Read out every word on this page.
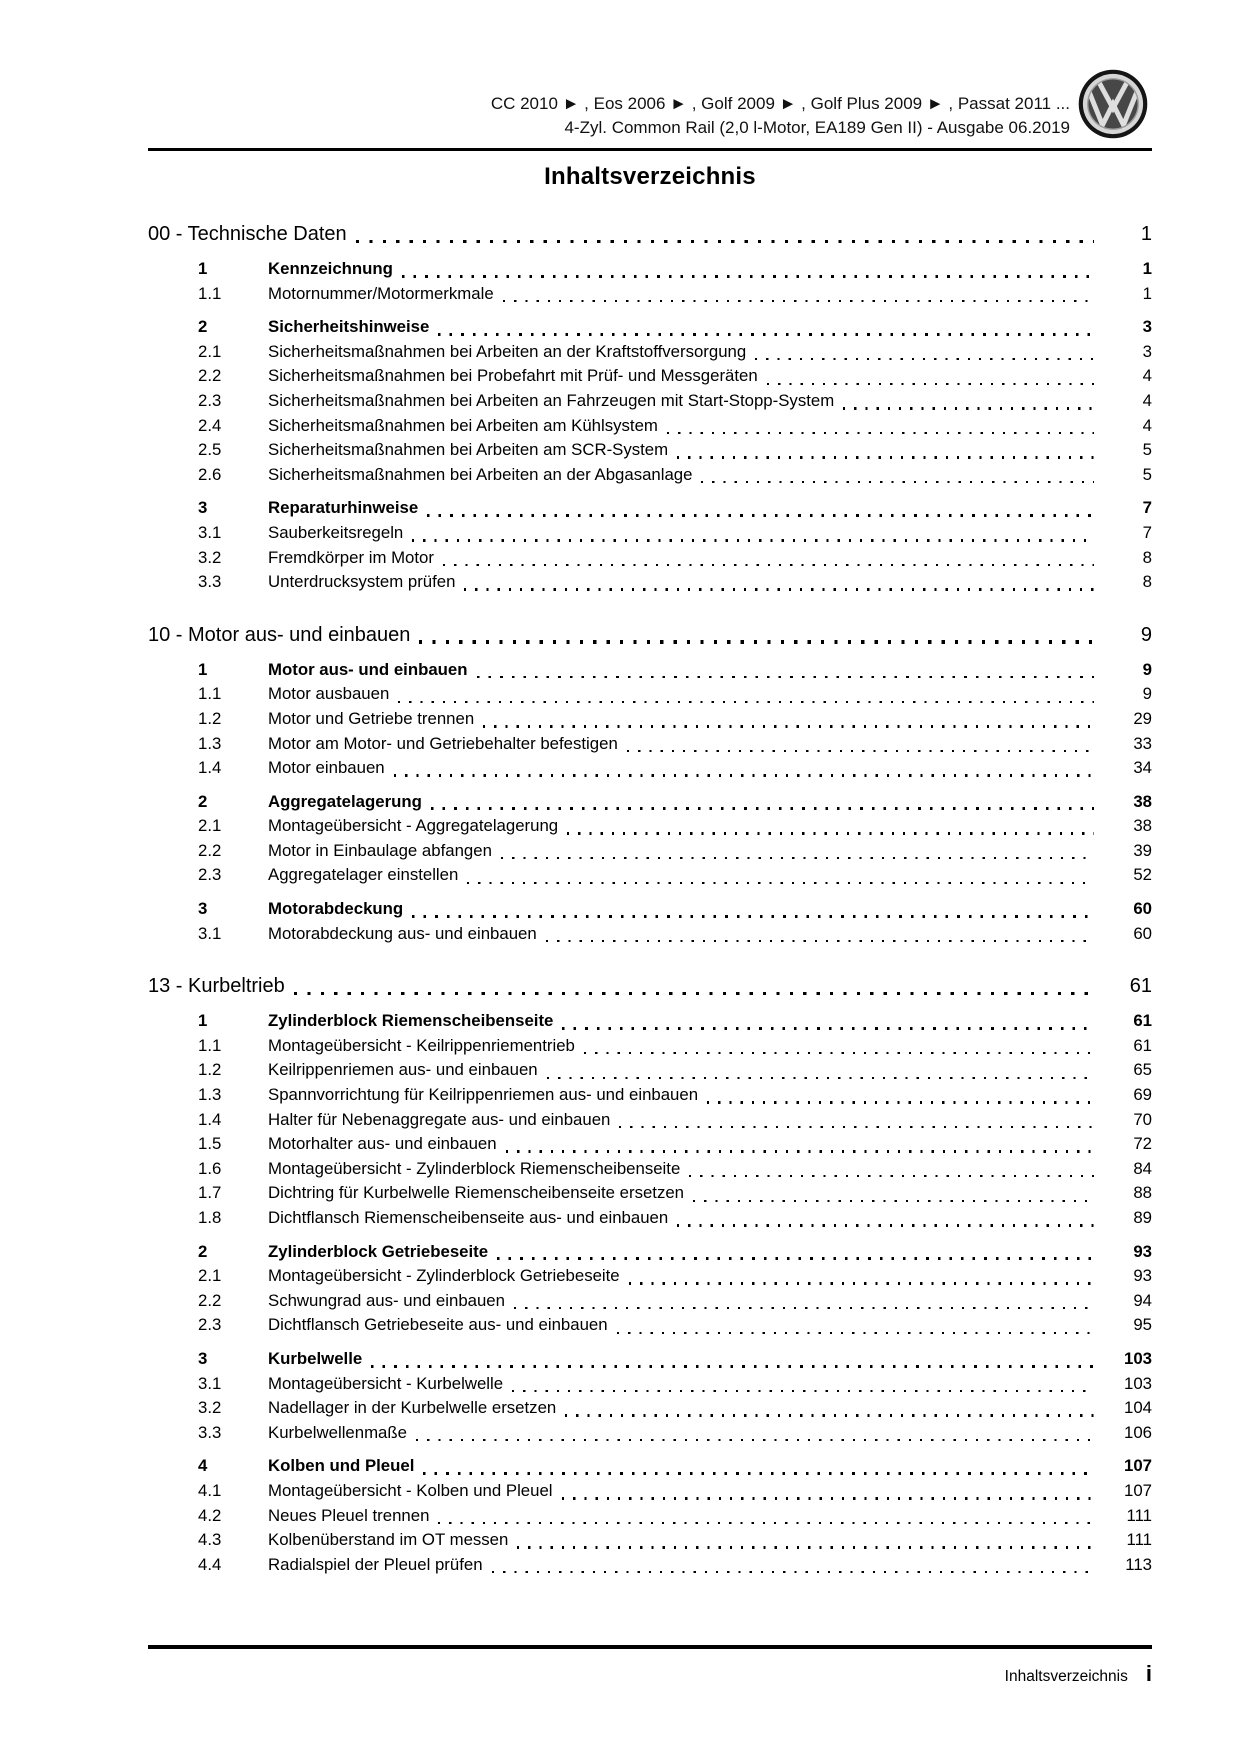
CC 2010 ► , Eos 2006 ► , Golf 2009 ► , Golf Plus 2009 ► , Passat 2011 ...
4-Zyl. Common Rail (2,0 l-Motor, EA189 Gen II) - Ausgabe 06.2019
Inhaltsverzeichnis
00 - Technische Daten	1
1	Kennzeichnung	1
1.1	Motornummer/Motormerkmale	1
2	Sicherheitshinweise	3
2.1	Sicherheitsmaßnahmen bei Arbeiten an der Kraftstoffversorgung	3
2.2	Sicherheitsmaßnahmen bei Probefahrt mit Prüf- und Messgeräten	4
2.3	Sicherheitsmaßnahmen bei Arbeiten an Fahrzeugen mit Start-Stopp-System	4
2.4	Sicherheitsmaßnahmen bei Arbeiten am Kühlsystem	4
2.5	Sicherheitsmaßnahmen bei Arbeiten am SCR-System	5
2.6	Sicherheitsmaßnahmen bei Arbeiten an der Abgasanlage	5
3	Reparaturhinweise	7
3.1	Sauberkeitsregeln	7
3.2	Fremdkörper im Motor	8
3.3	Unterdrucksystem prüfen	8
10 - Motor aus- und einbauen	9
1	Motor aus- und einbauen	9
1.1	Motor ausbauen	9
1.2	Motor und Getriebe trennen	29
1.3	Motor am Motor- und Getriebehalter befestigen	33
1.4	Motor einbauen	34
2	Aggregatelagerung	38
2.1	Montageübersicht - Aggregatelagerung	38
2.2	Motor in Einbaulage abfangen	39
2.3	Aggregatelager einstellen	52
3	Motorabdeckung	60
3.1	Motorabdeckung aus- und einbauen	60
13 - Kurbeltrieb	61
1	Zylinderblock Riemenscheibenseite	61
1.1	Montageübersicht - Keilrippenriementrieb	61
1.2	Keilrippenriemen aus- und einbauen	65
1.3	Spannvorrichtung für Keilrippenriemen aus- und einbauen	69
1.4	Halter für Nebenaggregate aus- und einbauen	70
1.5	Motorhalter aus- und einbauen	72
1.6	Montageübersicht - Zylinderblock Riemenscheibenseite	84
1.7	Dichtring für Kurbelwelle Riemenscheibenseite ersetzen	88
1.8	Dichtflansch Riemenscheibenseite aus- und einbauen	89
2	Zylinderblock Getriebeseite	93
2.1	Montageübersicht - Zylinderblock Getriebeseite	93
2.2	Schwungrad aus- und einbauen	94
2.3	Dichtflansch Getriebeseite aus- und einbauen	95
3	Kurbelwelle	103
3.1	Montageübersicht - Kurbelwelle	103
3.2	Nadellager in der Kurbelwelle ersetzen	104
3.3	Kurbelwellenmaße	106
4	Kolben und Pleuel	107
4.1	Montageübersicht - Kolben und Pleuel	107
4.2	Neues Pleuel trennen	111
4.3	Kolbenüberstand im OT messen	111
4.4	Radialspiel der Pleuel prüfen	113
Inhaltsverzeichnis i
